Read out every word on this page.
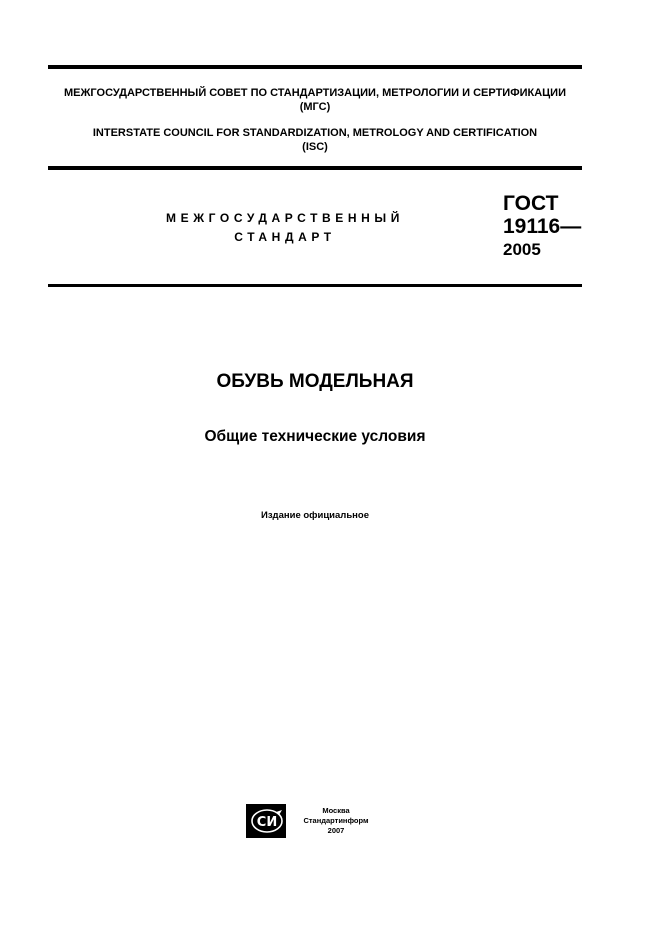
МЕЖГОСУДАРСТВЕННЫЙ СОВЕТ ПО СТАНДАРТИЗАЦИИ, МЕТРОЛОГИИ И СЕРТИФИКАЦИИ
(МГС)
INTERSTATE COUNCIL FOR STANDARDIZATION, METROLOGY AND CERTIFICATION
(ISC)
МЕЖГОСУДАРСТВЕННЫЙ
СТАНДАРТ
ГОСТ
19116—
2005
ОБУВЬ МОДЕЛЬНАЯ
Общие технические условия
Издание официальное
СИ
Москва
Стандартинформ
2007
